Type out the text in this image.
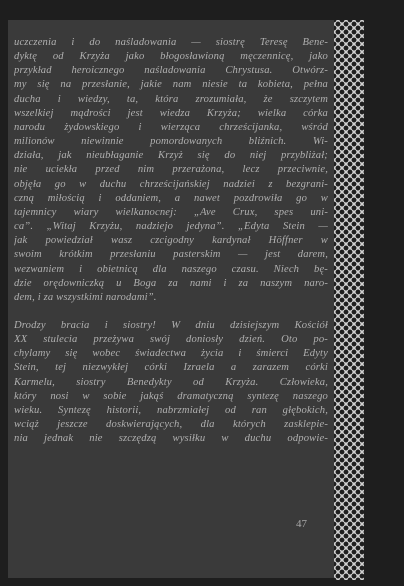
uczczenia i do naśladowania — siostrę Teresę Bene-
dyktę od Krzyża jako błogosławioną męczennicę, jako
przykład heroicznego naśladowania Chrystusa. Otwórz-
my się na przesłanie, jakie nam niesie ta kobieta, pełna
ducha i wiedzy, ta, która zrozumiała, że szczytem
wszelkiej mądrości jest wiedza Krzyża; wielka córka
narodu żydowskiego i wierząca chrześcijanka, wśród
milionów niewinnie pomordowanych bliźnich. Wi-
działa, jak nieubłaganie Krzyż się do niej przybliżał;
nie uciekła przed nim przerażona, lecz przeciwnie,
objęła go w duchu chrześcijańskiej nadziei z bezgrani-
czną miłością i oddaniem, a nawet pozdrowiła go w
tajemnicy wiary wielkanocnej: „Ave Crux, spes uni-
ca”. „Witaj Krzyżu, nadziejo jedyna”. „Edyta Stein —
jak powiedział wasz czcigodny kardynał Höffner w
swoim krótkim przesłaniu pasterskim — jest darem,
wezwaniem i obietnicą dla naszego czasu. Niech bę-
dzie orędowniczką u Boga za nami i za naszym naro-
dem, i za wszystkimi narodami”.
Drodzy bracia i siostry! W dniu dzisiejszym Kościół
XX stulecia przeżywa swój doniosły dzień. Oto po-
chylamy się wobec świadectwa życia i śmierci Edyty
Stein, tej niezwykłej córki Izraela a zarazem córki
Karmelu, siostry Benedykty od Krzyża. Człowieka,
który nosi w sobie jakąś dramatyczną syntezę naszego
wieku. Syntezę historii, nabrzmiałej od ran głębokich,
wciąż jeszcze doskwierających, dla których zasklepie-
nia jednak nie szczędzą wysiłku w duchu odpowie-
47
